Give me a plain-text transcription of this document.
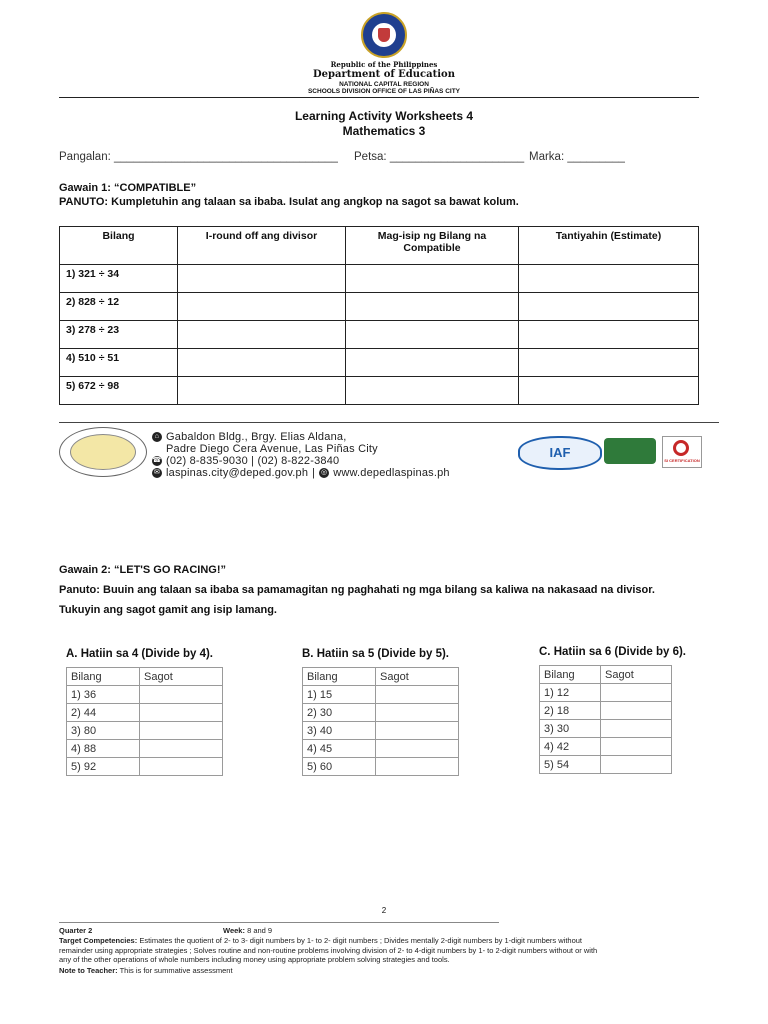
Republic of the Philippines
Department of Education
NATIONAL CAPITAL REGION
SCHOOLS DIVISION OFFICE OF LAS PIÑAS CITY
Learning Activity Worksheets 4
Mathematics 3
Pangalan: ___________________________________ Petsa: _____________________ Marka: _________
Gawain 1: “COMPATIBLE”
PANUTO: Kumpletuhin ang talaan sa ibaba. Isulat ang angkop na sagot sa bawat kolum.
Bilang	I-round off ang divisor	Mag-isip ng Bilang na Compatible	Tantiyahin (Estimate)
1) 321 ÷ 34			
2) 828 ÷ 12			
3) 278 ÷ 23			
4) 510 ÷ 51			
5) 672 ÷ 98			
⌂ Gabaldon Bldg., Brgy. Elias Aldana,
Padre Diego Cera Avenue, Las Piñas City
☎ (02) 8-835-9030 | (02) 8-822-3840
✉ laspinas.city@deped.gov.ph | ◎ www.depedlaspinas.ph
IAF
SI CERTIFICATION
Gawain 2: “LET'S GO RACING!”
Panuto: Buuin ang talaan sa ibaba sa pamamagitan ng paghahati ng mga bilang sa kaliwa na nakasaad na divisor.
Tukuyin ang sagot gamit ang isip lamang.
A. Hatiin sa 4 (Divide by 4).
Bilang	Sagot
1) 36	
2) 44	
3) 80	
4) 88	
5) 92	
B. Hatiin sa 5 (Divide by 5).
Bilang	Sagot
1) 15	
2) 30	
3) 40	
4) 45	
5) 60	
C. Hatiin sa 6 (Divide by 6).
Bilang	Sagot
1) 12	
2) 18	
3) 30	
4) 42	
5) 54	
2
Quarter 2	Week: 8 and 9
Target Competencies: Estimates the quotient of 2- to 3- digit numbers by 1- to 2- digit numbers ; Divides mentally 2-digit numbers by 1-digit numbers without
remainder using appropriate strategies ; Solves routine and non-routine problems involving division of 2- to 4-digit numbers by 1- to 2-digit numbers without or with
any of the other operations of whole numbers including money using appropriate problem solving strategies and tools.
Note to Teacher: This is for summative assessment
